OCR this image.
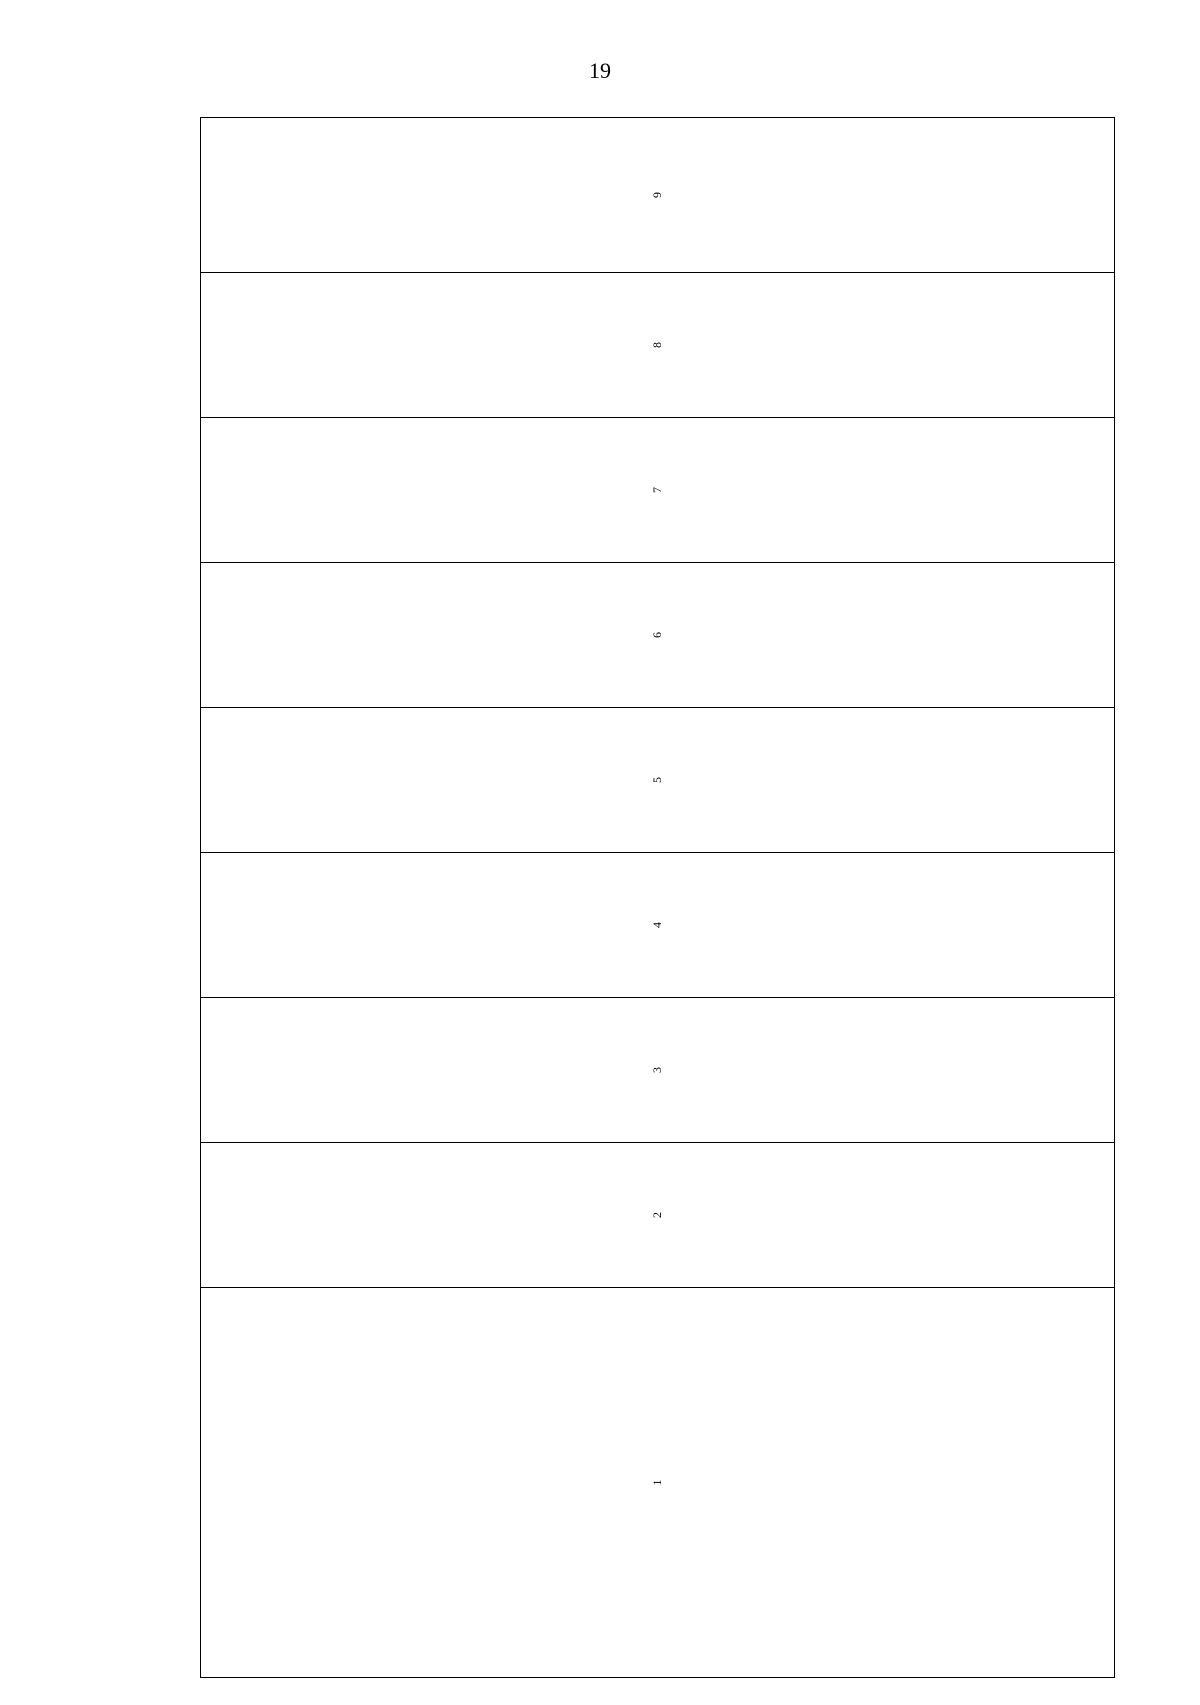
19
1	2	3	4	5	6	7	8	9
